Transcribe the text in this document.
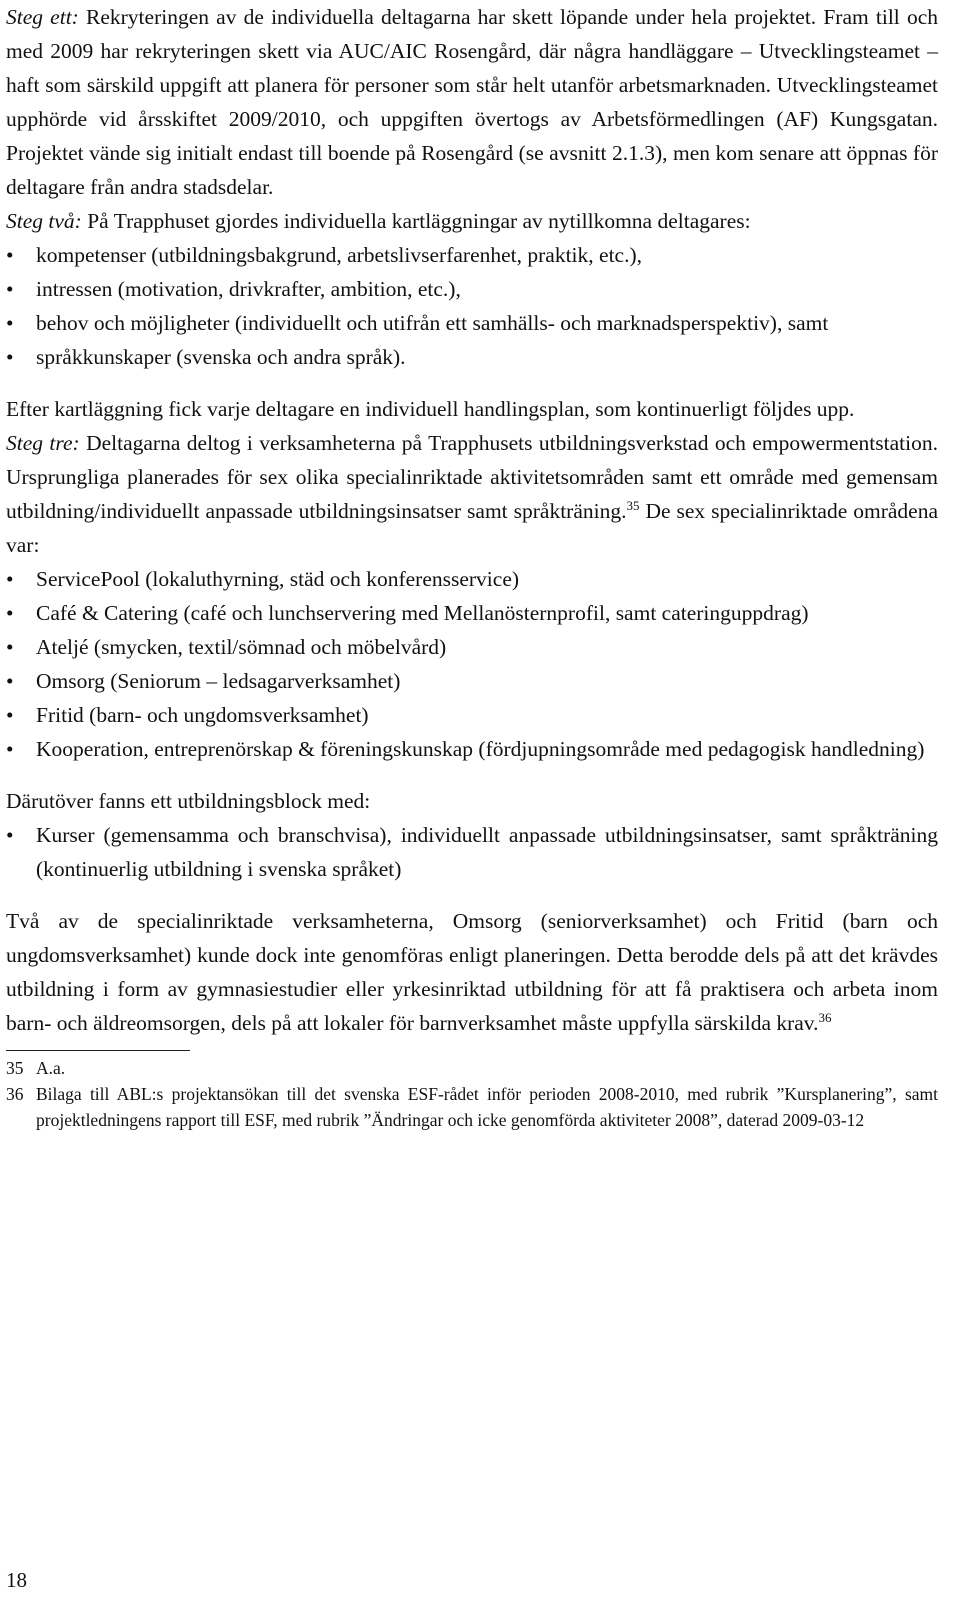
Steg ett: Rekryteringen av de individuella deltagarna har skett löpande under hela projektet. Fram till och med 2009 har rekryteringen skett via AUC/AIC Rosengård, där några handläggare – Utvecklingsteamet – haft som särskild uppgift att planera för personer som står helt utanför arbetsmarknaden. Utvecklingsteamet upphörde vid årsskiftet 2009/2010, och uppgiften övertogs av Arbetsförmedlingen (AF) Kungsgatan. Projektet vände sig initialt endast till boende på Rosengård (se avsnitt 2.1.3), men kom senare att öppnas för deltagare från andra stadsdelar.

Steg två: På Trapphuset gjordes individuella kartläggningar av nytillkomna deltagares:

• kompetenser (utbildningsbakgrund, arbetslivserfarenhet, praktik, etc.),
• intressen (motivation, drivkrafter, ambition, etc.),
• behov och möjligheter (individuellt och utifrån ett samhälls- och marknadsperspektiv), samt
• språkkunskaper (svenska och andra språk).

Efter kartläggning fick varje deltagare en individuell handlingsplan, som kontinuerligt följdes upp.

Steg tre: Deltagarna deltog i verksamheterna på Trapphusets utbildningsverkstad och empowermentstation. Ursprungliga planerades för sex olika specialinriktade aktivitetsområden samt ett område med gemensam utbildning/individuellt anpassade utbildningsinsatser samt språkträning.$^{35}$ De sex specialinriktade områdena var:

• ServicePool (lokaluthyrning, städ och konferensservice)
• Café & Catering (café och lunchservering med Mellanösternprofil, samt cateringuppdrag)
• Ateljé (smycken, textil/sömnad och möbelvård)
• Omsorg (Seniorum – ledsagarverksamhet)
• Fritid (barn- och ungdomsverksamhet)
• Kooperation, entreprenörskap & föreningskunskap (fördjupningsområde med pedagogisk handledning)

Därutöver fanns ett utbildningsblock med:

• Kurser (gemensamma och branschvisa), individuellt anpassade utbildningsinsatser, samt språkträning (kontinuerlig utbildning i svenska språket)

Två av de specialinriktade verksamheterna, Omsorg (seniorverksamhet) och Fritid (barn och ungdomsverksamhet) kunde dock inte genomföras enligt planeringen. Detta berodde dels på att det krävdes utbildning i form av gymnasiestudier eller yrkesinriktad utbildning för att få praktisera och arbeta inom barn- och äldreomsorgen, dels på att lokaler för barnverksamhet måste uppfylla särskilda krav.$^{36}$

35 A.a.
36 Bilaga till ABL:s projektansökan till det svenska ESF-rådet inför perioden 2008-2010, med rubrik ”Kursplanering”, samt projektledningens rapport till ESF, med rubrik ”Ändringar och icke genomförda aktiviteter 2008”, daterad 2009-03-12
18
